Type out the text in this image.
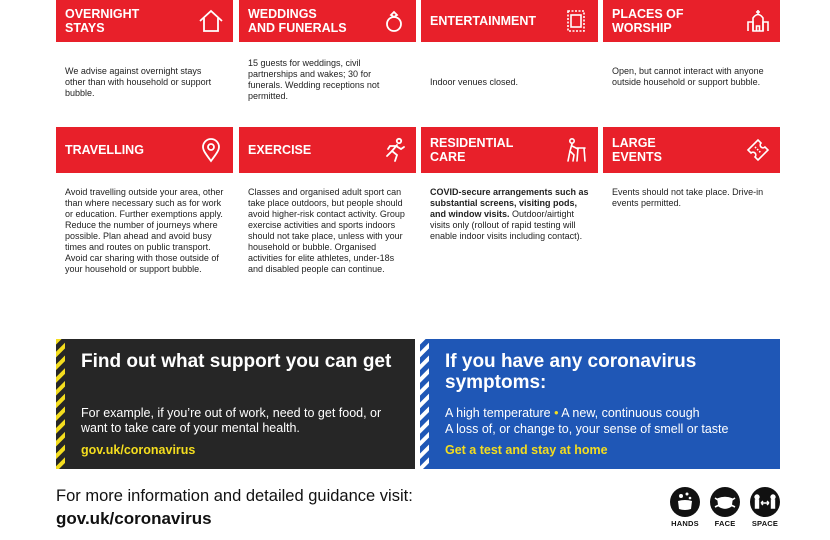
OVERNIGHT
STAYS
We advise against overnight stays other than with household or support bubble.
WEDDINGS
AND FUNERALS
15 guests for weddings, civil partnerships and wakes; 30 for funerals. Wedding receptions not permitted.
ENTERTAINMENT
Indoor venues closed.
PLACES OF
WORSHIP
Open, but cannot interact with anyone outside household or support bubble.
TRAVELLING
Avoid travelling outside your area, other than where necessary such as for work or education. Further exemptions apply. Reduce the number of journeys where possible. Plan ahead and avoid busy times and routes on public transport. Avoid car sharing with those outside of your household or support bubble.
EXERCISE
Classes and organised adult sport can take place outdoors, but people should avoid higher-risk contact activity. Group exercise activities and sports indoors should not take place, unless with your household or bubble. Organised activities for elite athletes, under-18s and disabled people can continue.
RESIDENTIAL
CARE
COVID-secure arrangements such as substantial screens, visiting pods, and window visits. Outdoor/airtight visits only (rollout of rapid testing will enable indoor visits including contact).
LARGE
EVENTS
Events should not take place. Drive-in events permitted.
Find out what support you can get

For example, if you’re out of work, need to get food, or want to take care of your mental health.

gov.uk/coronavirus
If you have any coronavirus symptoms:

A high temperature • A new, continuous cough

A loss of, or change to, your sense of smell or taste

Get a test and stay at home
For more information and detailed guidance visit:
gov.uk/coronavirus	HANDS	FACE	SPACE
